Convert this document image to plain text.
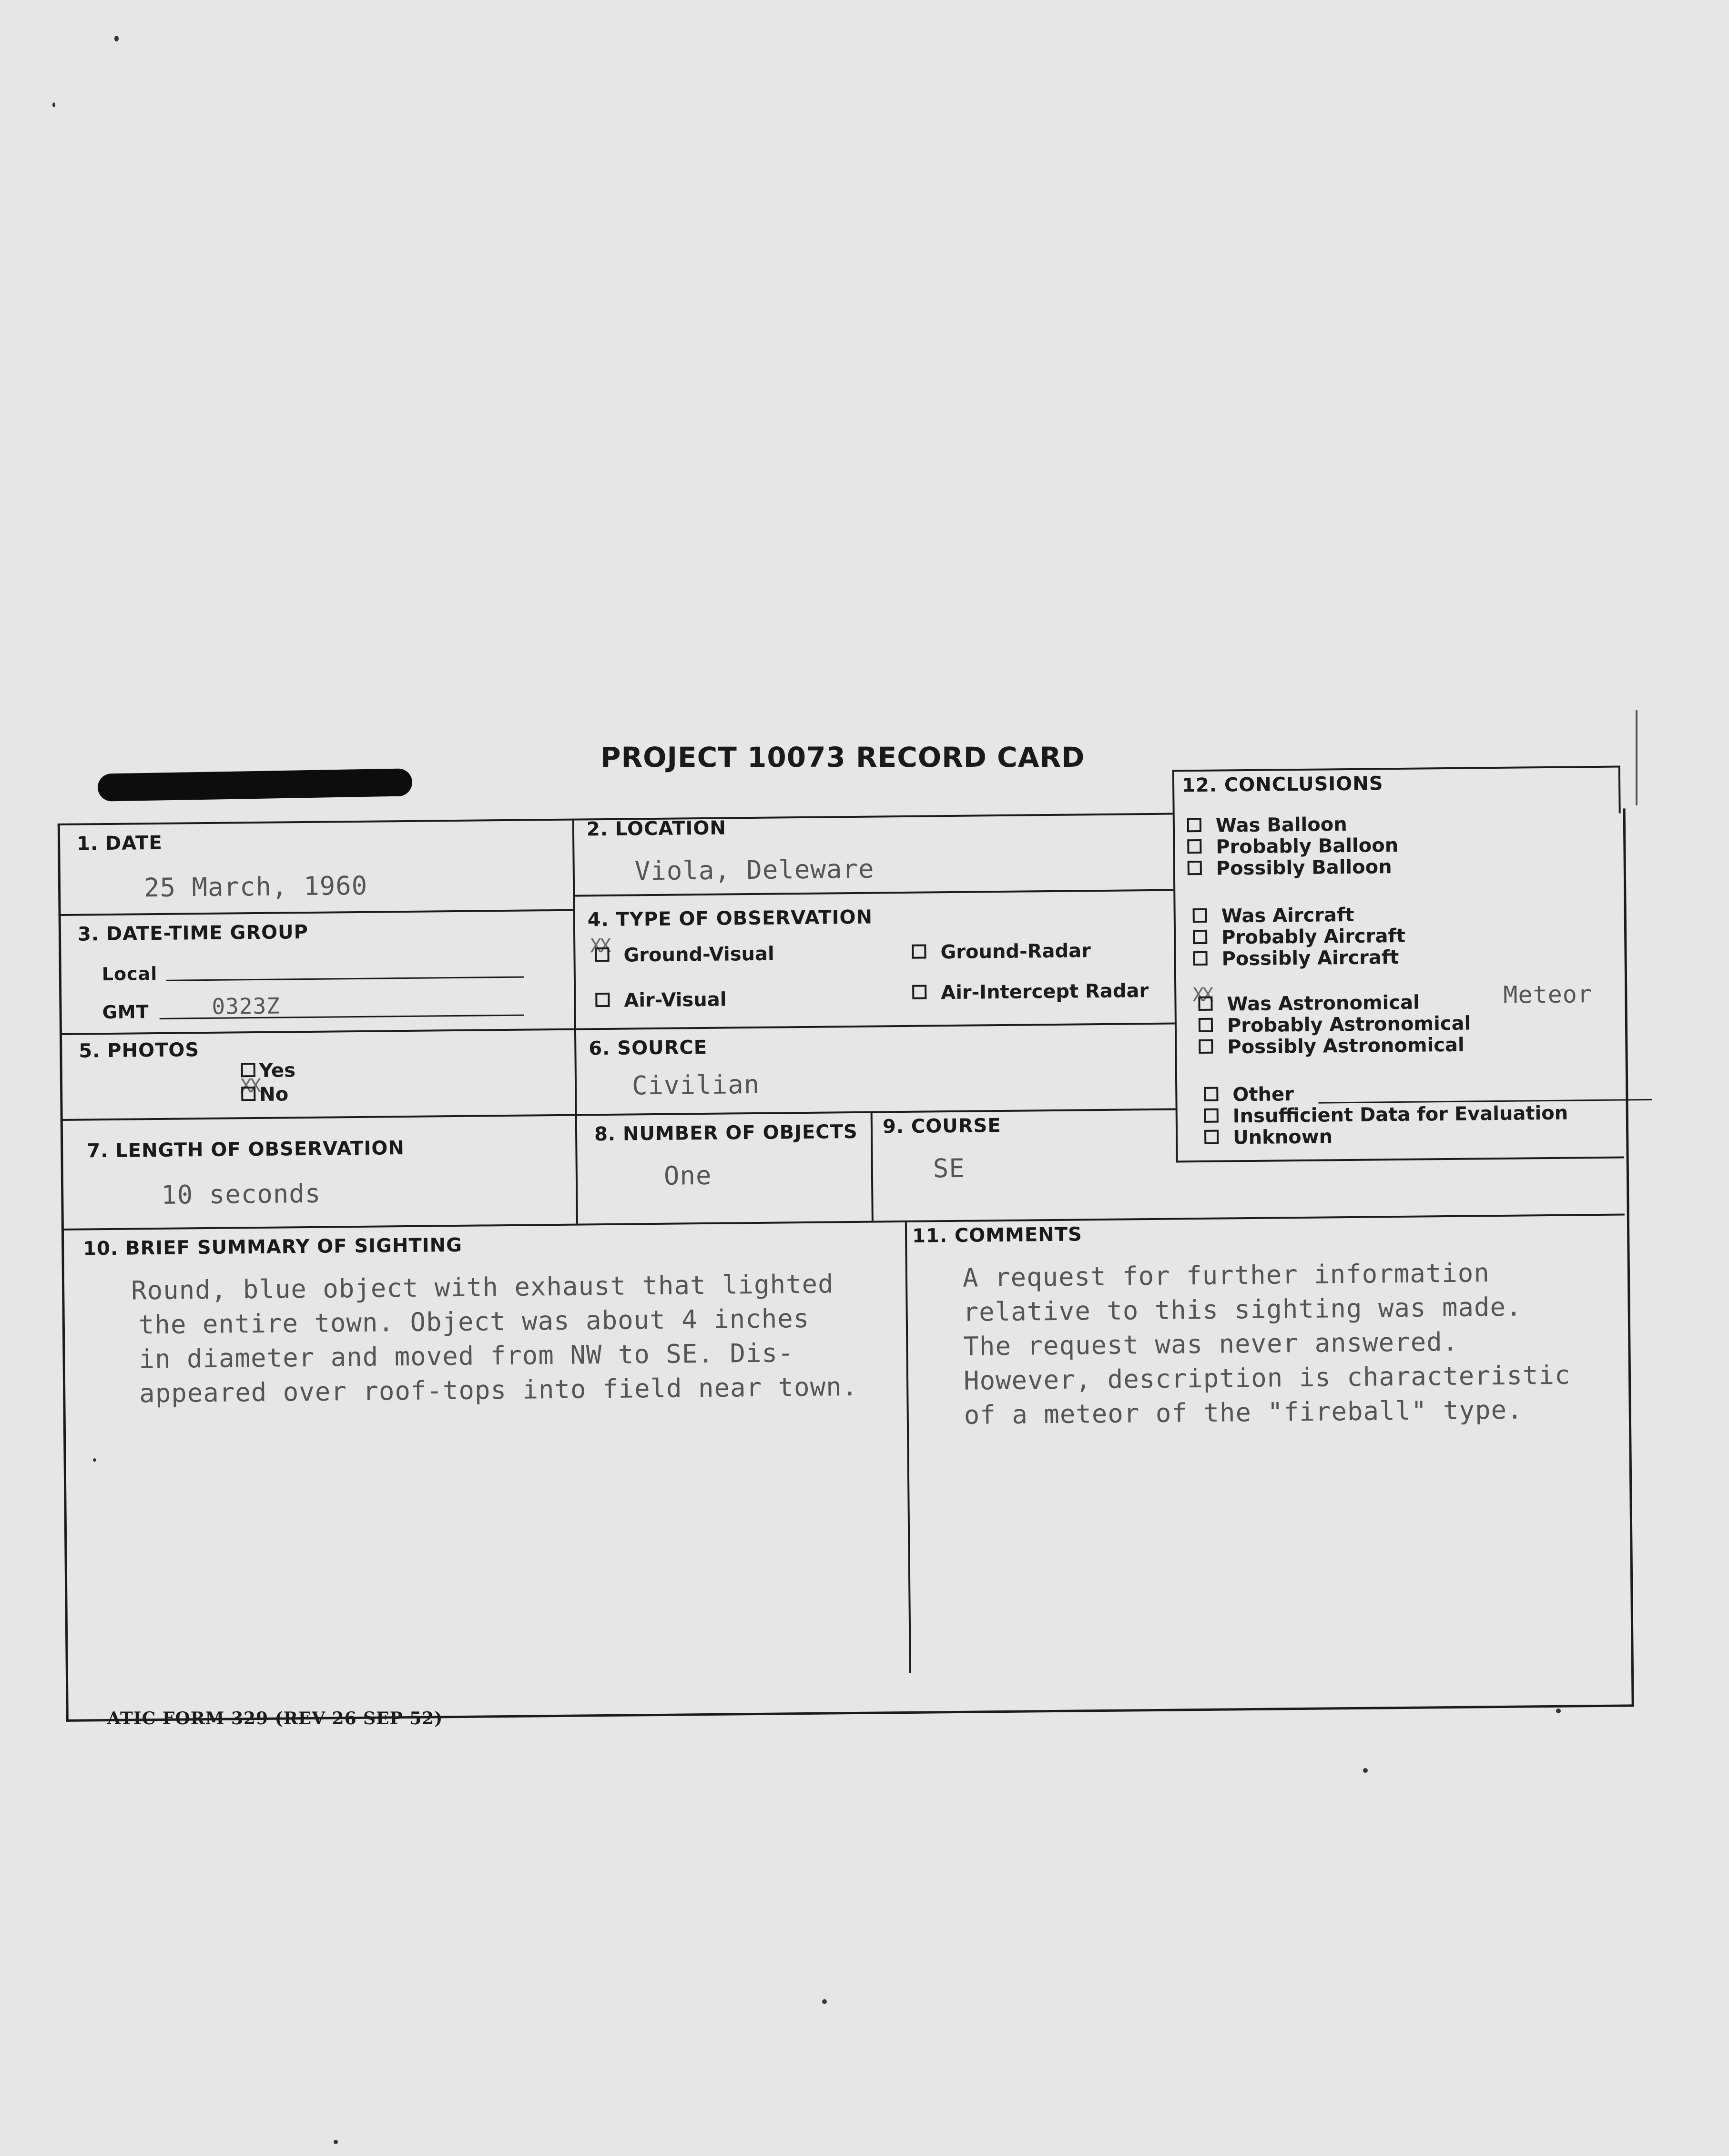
PROJECT 10073 RECORD CARD
1. DATE
25 March, 1960
2. LOCATION
Viola, Deleware
3. DATE-TIME GROUP
Local
GMT	0323Z
4. TYPE OF OBSERVATION
XX Ground-Visual	Ground-Radar
Air-Visual	Air-Intercept Radar
5. PHOTOS
Yes
XX No
6. SOURCE
Civilian
7. LENGTH OF OBSERVATION
10 seconds
8. NUMBER OF OBJECTS
One
9. COURSE
SE
10. BRIEF SUMMARY OF SIGHTING
Round, blue object with exhaust that lighted
the entire town. Object was about 4 inches
in diameter and moved from NW to SE. Dis-
appeared over roof-tops into field near town.
11. COMMENTS
A request for further information
relative to this sighting was made.
The request was never answered.
However, description is characteristic
of a meteor of the "fireball" type.
12. CONCLUSIONS
Was Balloon
Probably Balloon
Possibly Balloon
Was Aircraft
Probably Aircraft
Possibly Aircraft
XX Was Astronomical	Meteor
Probably Astronomical
Possibly Astronomical
Other
Insufficient Data for Evaluation
Unknown
ATIC FORM 329 (REV 26 SEP 52)
